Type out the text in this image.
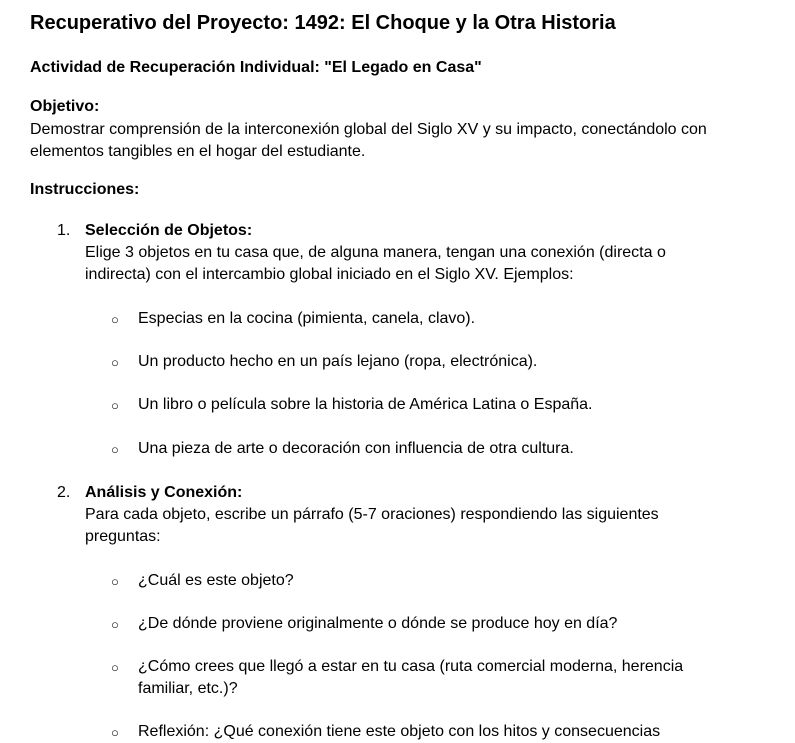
Recuperativo del Proyecto: 1492: El Choque y la Otra Historia
Actividad de Recuperación Individual: "El Legado en Casa"
Objetivo:
Demostrar comprensión de la interconexión global del Siglo XV y su impacto, conectándolo con elementos tangibles en el hogar del estudiante.
Instrucciones:
1. Selección de Objetos:
Elige 3 objetos en tu casa que, de alguna manera, tengan una conexión (directa o indirecta) con el intercambio global iniciado en el Siglo XV. Ejemplos:
○ Especias en la cocina (pimienta, canela, clavo).
○ Un producto hecho en un país lejano (ropa, electrónica).
○ Un libro o película sobre la historia de América Latina o España.
○ Una pieza de arte o decoración con influencia de otra cultura.
2. Análisis y Conexión:
Para cada objeto, escribe un párrafo (5-7 oraciones) respondiendo las siguientes preguntas:
○ ¿Cuál es este objeto?
○ ¿De dónde proviene originalmente o dónde se produce hoy en día?
○ ¿Cómo crees que llegó a estar en tu casa (ruta comercial moderna, herencia familiar, etc.)?
○ Reflexión: ¿Qué conexión tiene este objeto con los hitos y consecuencias
